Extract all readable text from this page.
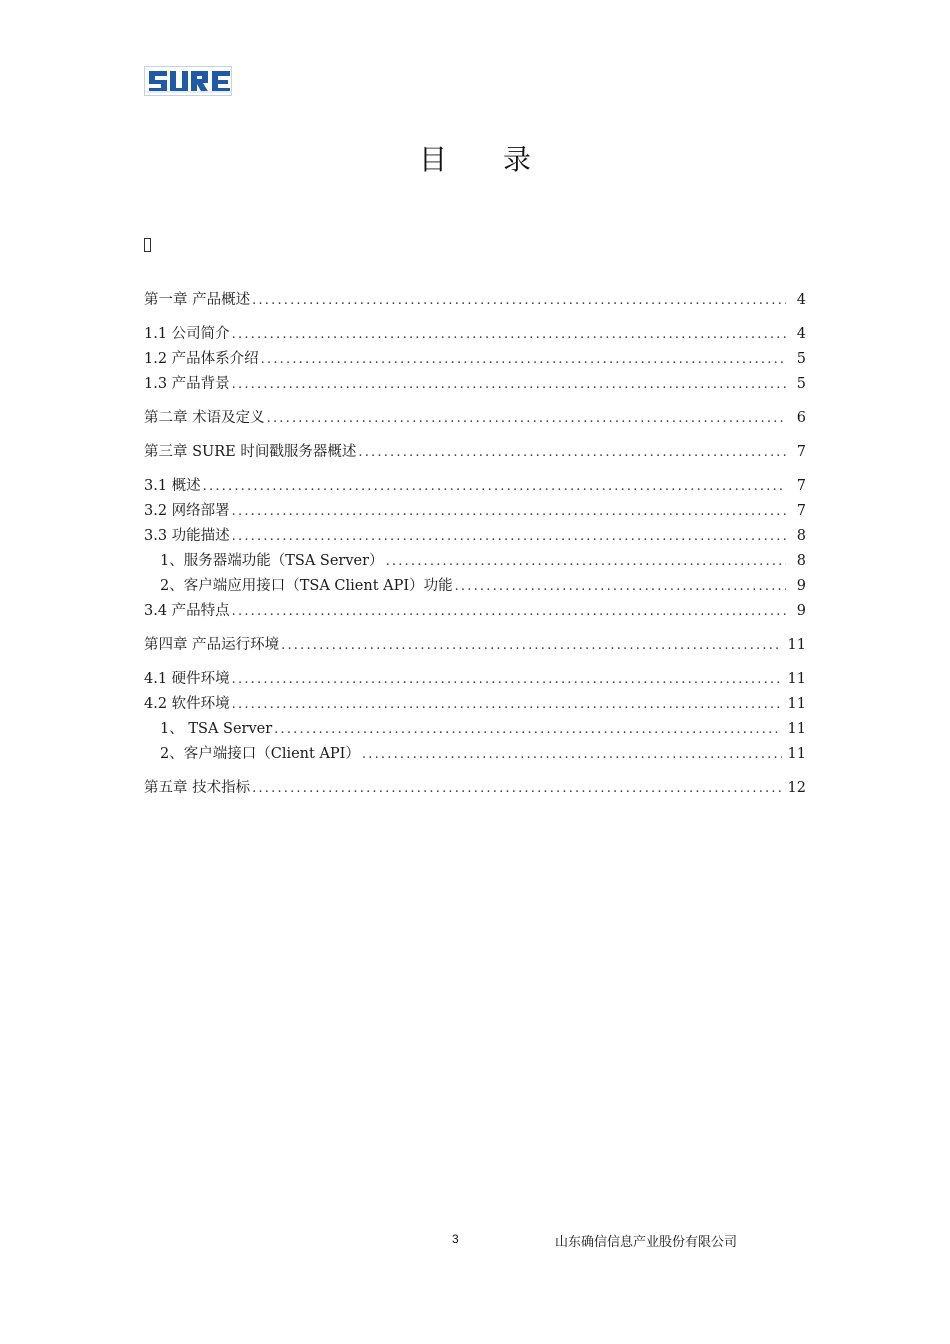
目录
第一章 产品概述 .....	4
1.1 公司简介 .....	4
1.2 产品体系介绍 .....	5
1.3 产品背景 .....	5
第二章 术语及定义 .....	6
第三章 SURE 时间戳服务器概述 .....	7
3.1 概述 .....	7
3.2 网络部署 .....	7
3.3 功能描述 .....	8
1、服务器端功能（TSA Server） .....	8
2、客户端应用接口（TSA Client API）功能 .....	9
3.4 产品特点 .....	9
第四章 产品运行环境 .....	11
4.1 硬件环境 .....	11
4.2 软件环境 .....	11
1、 TSA Server .....	11
2、客户端接口（Client API） .....	11
第五章 技术指标 .....	12
3	山东确信信息产业股份有限公司
